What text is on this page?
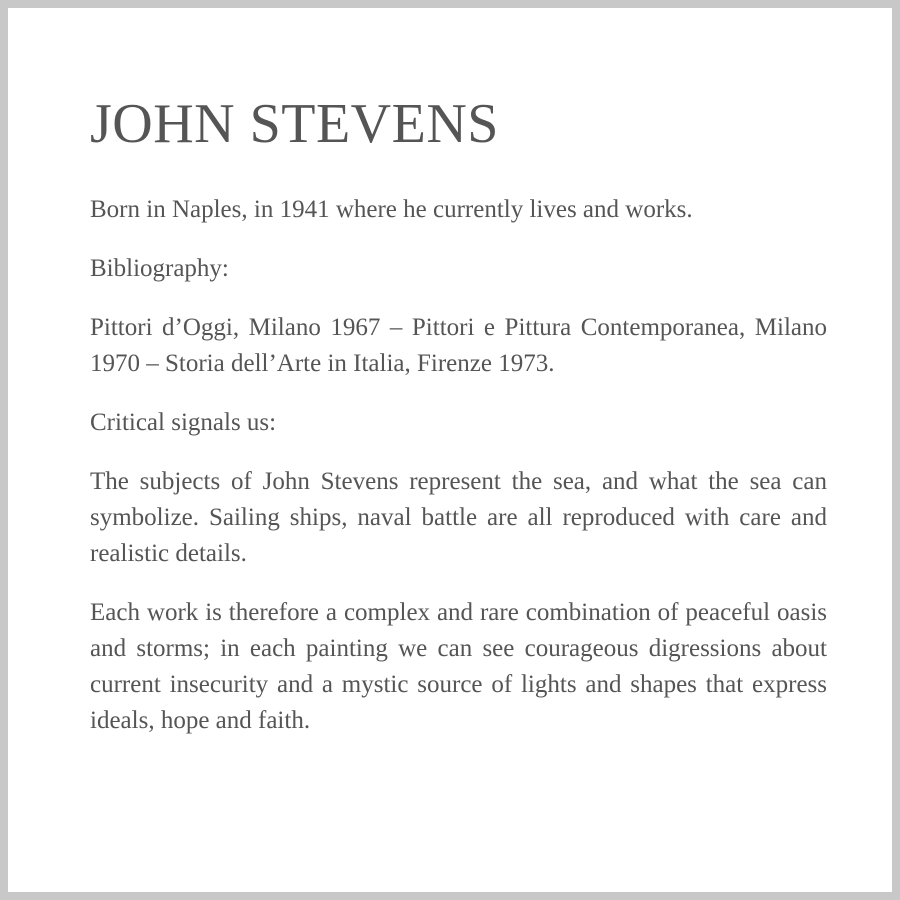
JOHN STEVENS

Born in Naples, in 1941 where he currently lives and works.

Bibliography:

Pittori d’Oggi, Milano 1967 – Pittori e Pittura Contemporanea, Milano 1970 – Storia dell’Arte in Italia, Firenze 1973.

Critical signals us:

The subjects of John Stevens represent the sea, and what the sea can symbolize. Sailing ships, naval battle are all reproduced with care and realistic details.

Each work is therefore a complex and rare combination of peaceful oasis and storms; in each painting we can see courageous digressions about current insecurity and a mystic source of lights and shapes that express ideals, hope and faith.
